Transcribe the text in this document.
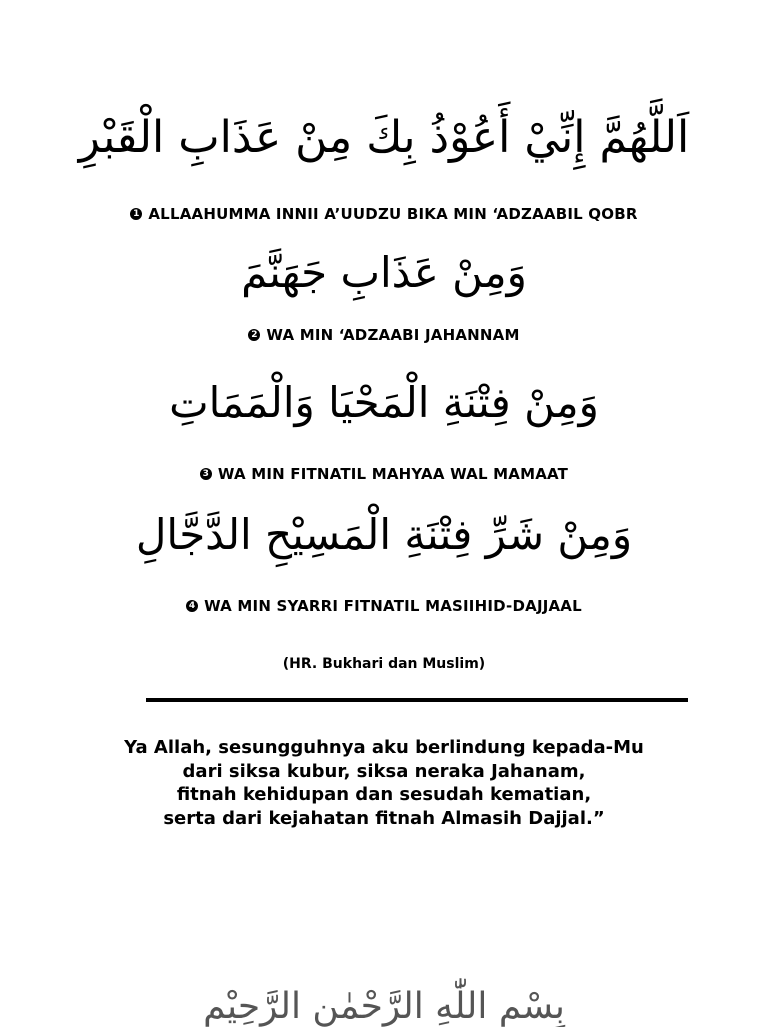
اَللَّهُمَّ إِنِّيْ أَعُوْذُ بِكَ مِنْ عَذَابِ الْقَبْرِ
1 ALLAAHUMMA INNII A’UUDZU BIKA MIN ‘ADZAABIL QOBR
وَمِنْ عَذَابِ جَهَنَّمَ
2 WA MIN ‘ADZAABI JAHANNAM
وَمِنْ فِتْنَةِ الْمَحْيَا وَالْمَمَاتِ
3 WA MIN FITNATIL MAHYAA WAL MAMAAT
وَمِنْ شَرِّ فِتْنَةِ الْمَسِيْحِ الدَّجَّالِ
4 WA MIN SYARRI FITNATIL MASIIHID-DAJJAAL
(HR. Bukhari dan Muslim)
Ya Allah, sesungguhnya aku berlindung kepada-Mu
dari siksa kubur, siksa neraka Jahanam,
fitnah kehidupan dan sesudah kematian,
serta dari kejahatan fitnah Almasih Dajjal.”
بِسْمِ اللّٰهِ الرَّحْمٰنِ الرَّحِيْمِ
